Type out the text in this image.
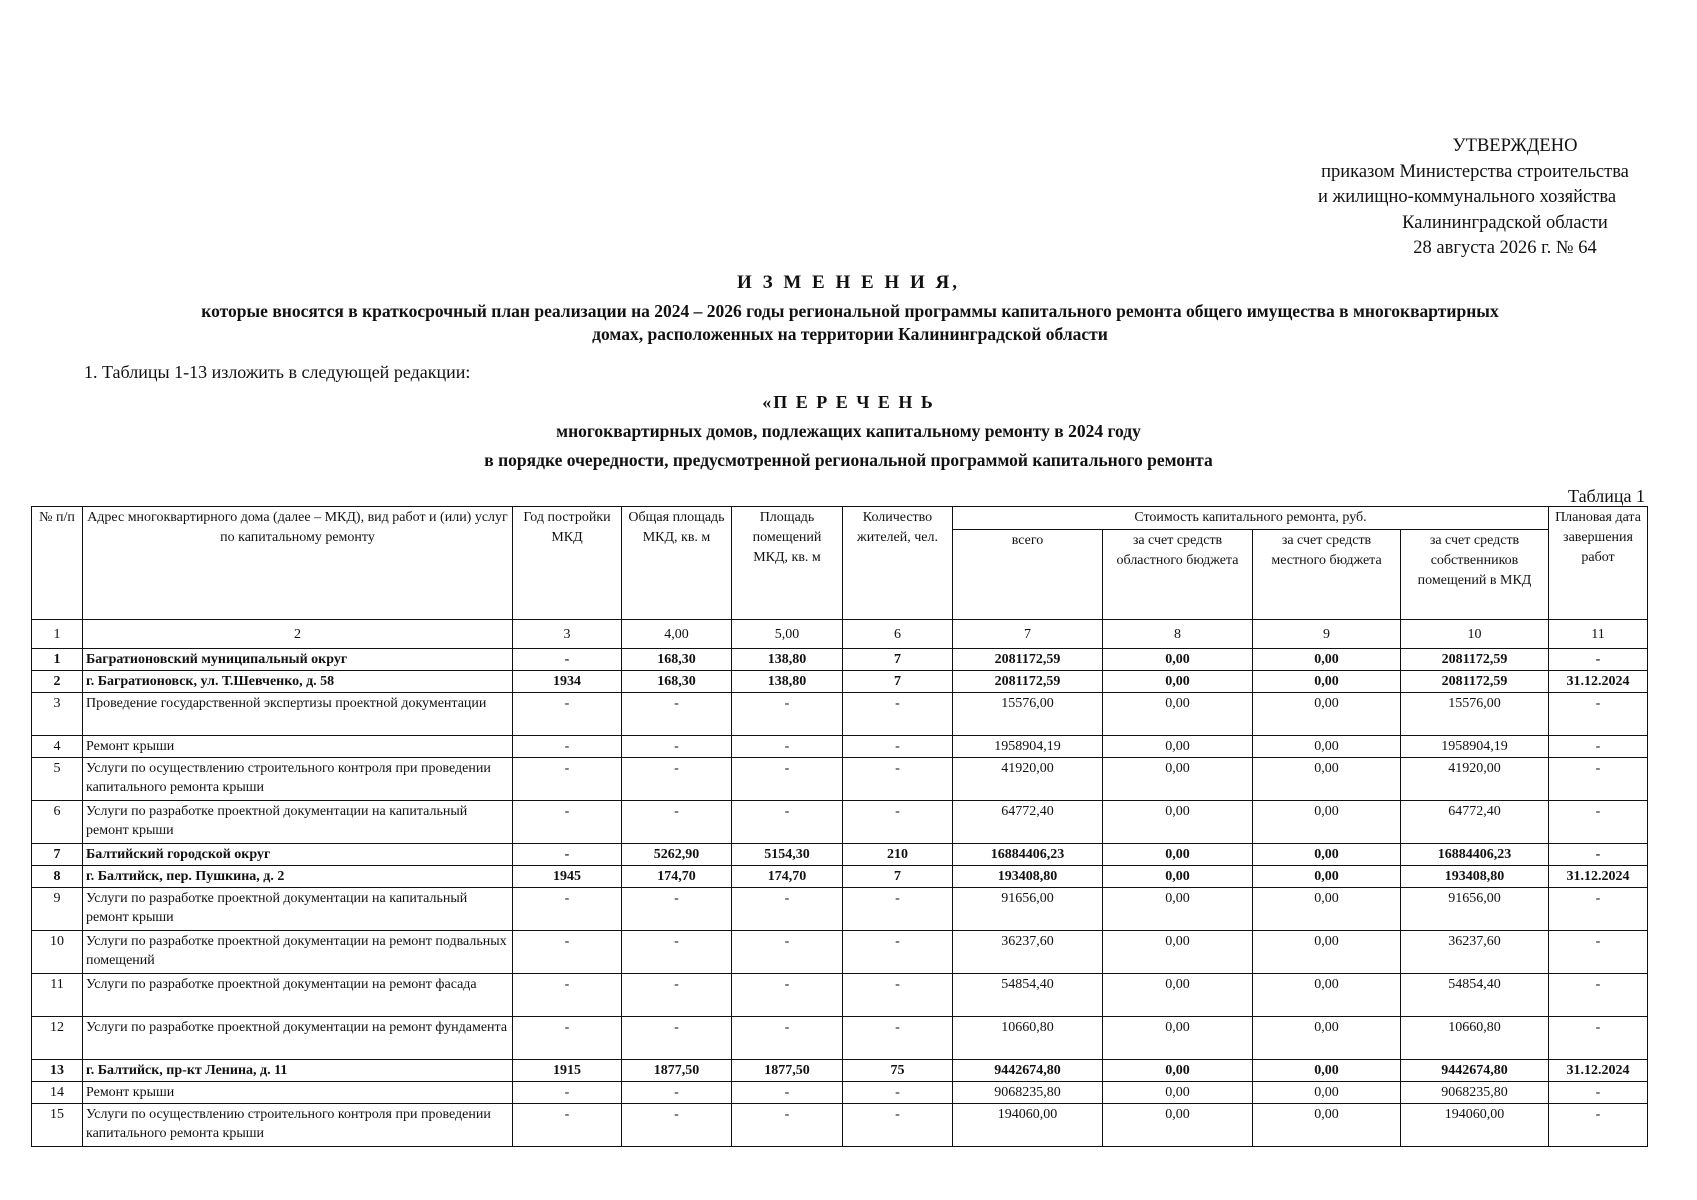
УТВЕРЖДЕНО
приказом Министерства строительства
и жилищно-коммунального хозяйства
Калининградской области
28 августа 2026 г. № 64
И З М Е Н Е Н И Я,
которые вносятся в краткосрочный план реализации на 2024 – 2026 годы региональной программы капитального ремонта общего имущества в многоквартирных
домах, расположенных на территории Калининградской области
1. Таблицы 1-13 изложить в следующей редакции:
«П Е Р Е Ч Е Н Ь
многоквартирных домов, подлежащих капитальному ремонту в 2024 году
в порядке очередности, предусмотренной региональной программой капитального ремонта
Таблица 1
№ п/п	Адрес многоквартирного дома (далее – МКД), вид работ и (или) услуг по капитальному ремонту	Год постройки МКД	Общая площадь МКД, кв. м	Площадь помещений МКД, кв. м	Количество жителей, чел.	Стоимость капитального ремонта, руб.				Плановая дата завершения работ
						всего	за счет средств областного бюджета	за счет средств местного бюджета	за счет средств собственников помещений в МКД	
1	2	3	4,00	5,00	6	7	8	9	10	11
1	Багратионовский муниципальный округ	-	168,30	138,80	7	2081172,59	0,00	0,00	2081172,59	-
2	г. Багратионовск, ул. Т.Шевченко, д. 58	1934	168,30	138,80	7	2081172,59	0,00	0,00	2081172,59	31.12.2024
3	Проведение государственной экспертизы проектной документации	-	-	-	-	15576,00	0,00	0,00	15576,00	-
4	Ремонт крыши	-	-	-	-	1958904,19	0,00	0,00	1958904,19	-
5	Услуги по осуществлению строительного контроля при проведении капитального ремонта крыши	-	-	-	-	41920,00	0,00	0,00	41920,00	-
6	Услуги по разработке проектной документации на капитальный ремонт крыши	-	-	-	-	64772,40	0,00	0,00	64772,40	-
7	Балтийский городской округ	-	5262,90	5154,30	210	16884406,23	0,00	0,00	16884406,23	-
8	г. Балтийск, пер. Пушкина, д. 2	1945	174,70	174,70	7	193408,80	0,00	0,00	193408,80	31.12.2024
9	Услуги по разработке проектной документации на капитальный ремонт крыши	-	-	-	-	91656,00	0,00	0,00	91656,00	-
10	Услуги по разработке проектной документации на ремонт подвальных помещений	-	-	-	-	36237,60	0,00	0,00	36237,60	-
11	Услуги по разработке проектной документации на ремонт фасада	-	-	-	-	54854,40	0,00	0,00	54854,40	-
12	Услуги по разработке проектной документации на ремонт фундамента	-	-	-	-	10660,80	0,00	0,00	10660,80	-
13	г. Балтийск, пр-кт Ленина, д. 11	1915	1877,50	1877,50	75	9442674,80	0,00	0,00	9442674,80	31.12.2024
14	Ремонт крыши	-	-	-	-	9068235,80	0,00	0,00	9068235,80	-
15	Услуги по осуществлению строительного контроля при проведении капитального ремонта крыши	-	-	-	-	194060,00	0,00	0,00	194060,00	-
